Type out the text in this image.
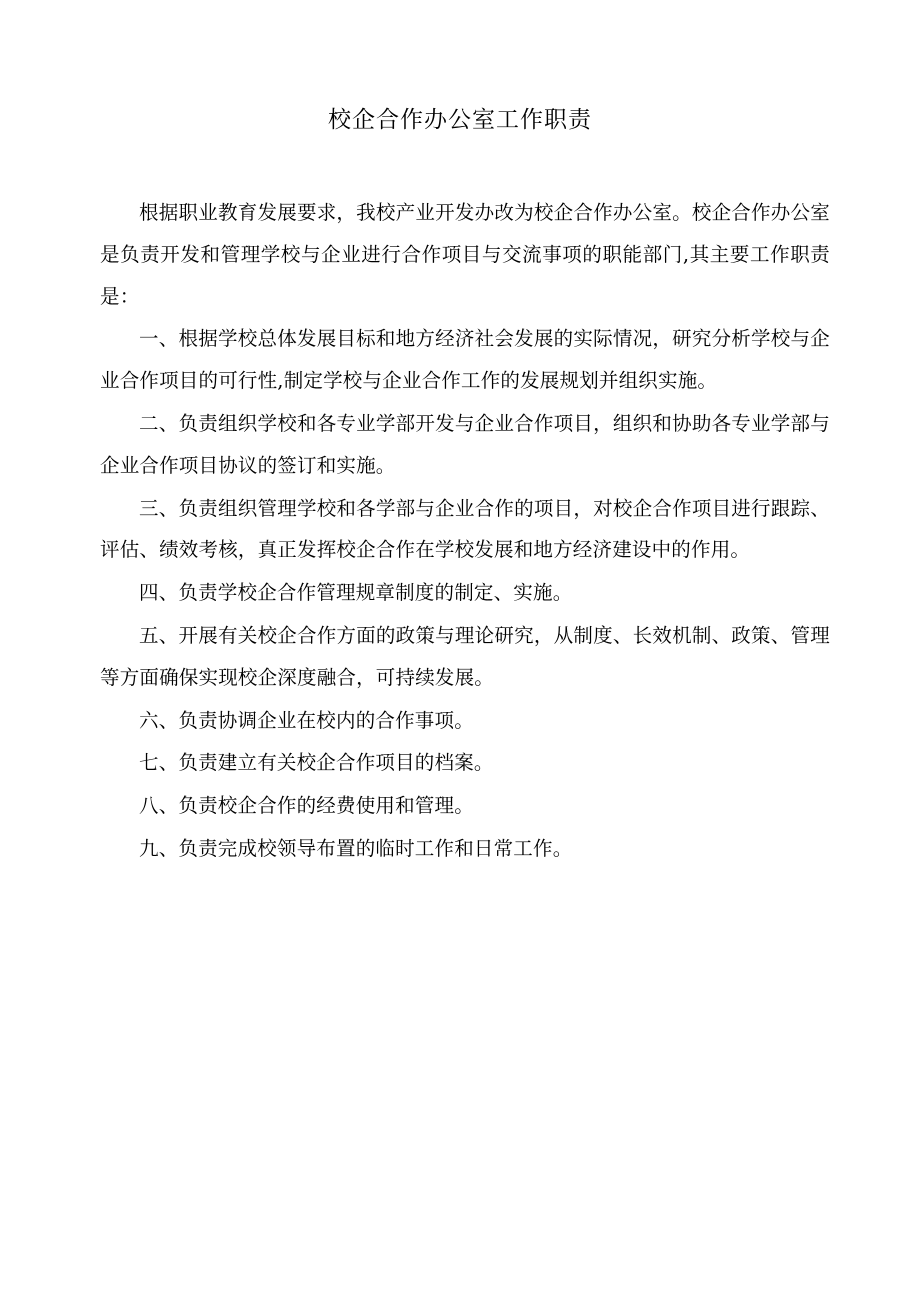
校企合作办公室工作职责

根据职业教育发展要求，我校产业开发办改为校企合作办公室。校企合作办公室是负责开发和管理学校与企业进行合作项目与交流事项的职能部门,其主要工作职责是：

一、根据学校总体发展目标和地方经济社会发展的实际情况，研究分析学校与企业合作项目的可行性,制定学校与企业合作工作的发展规划并组织实施。

二、负责组织学校和各专业学部开发与企业合作项目，组织和协助各专业学部与企业合作项目协议的签订和实施。

三、负责组织管理学校和各学部与企业合作的项目，对校企合作项目进行跟踪、评估、绩效考核，真正发挥校企合作在学校发展和地方经济建设中的作用。

四、负责学校企合作管理规章制度的制定、实施。

五、开展有关校企合作方面的政策与理论研究，从制度、长效机制、政策、管理等方面确保实现校企深度融合，可持续发展。

六、负责协调企业在校内的合作事项。

七、负责建立有关校企合作项目的档案。

八、负责校企合作的经费使用和管理。

九、负责完成校领导布置的临时工作和日常工作。
